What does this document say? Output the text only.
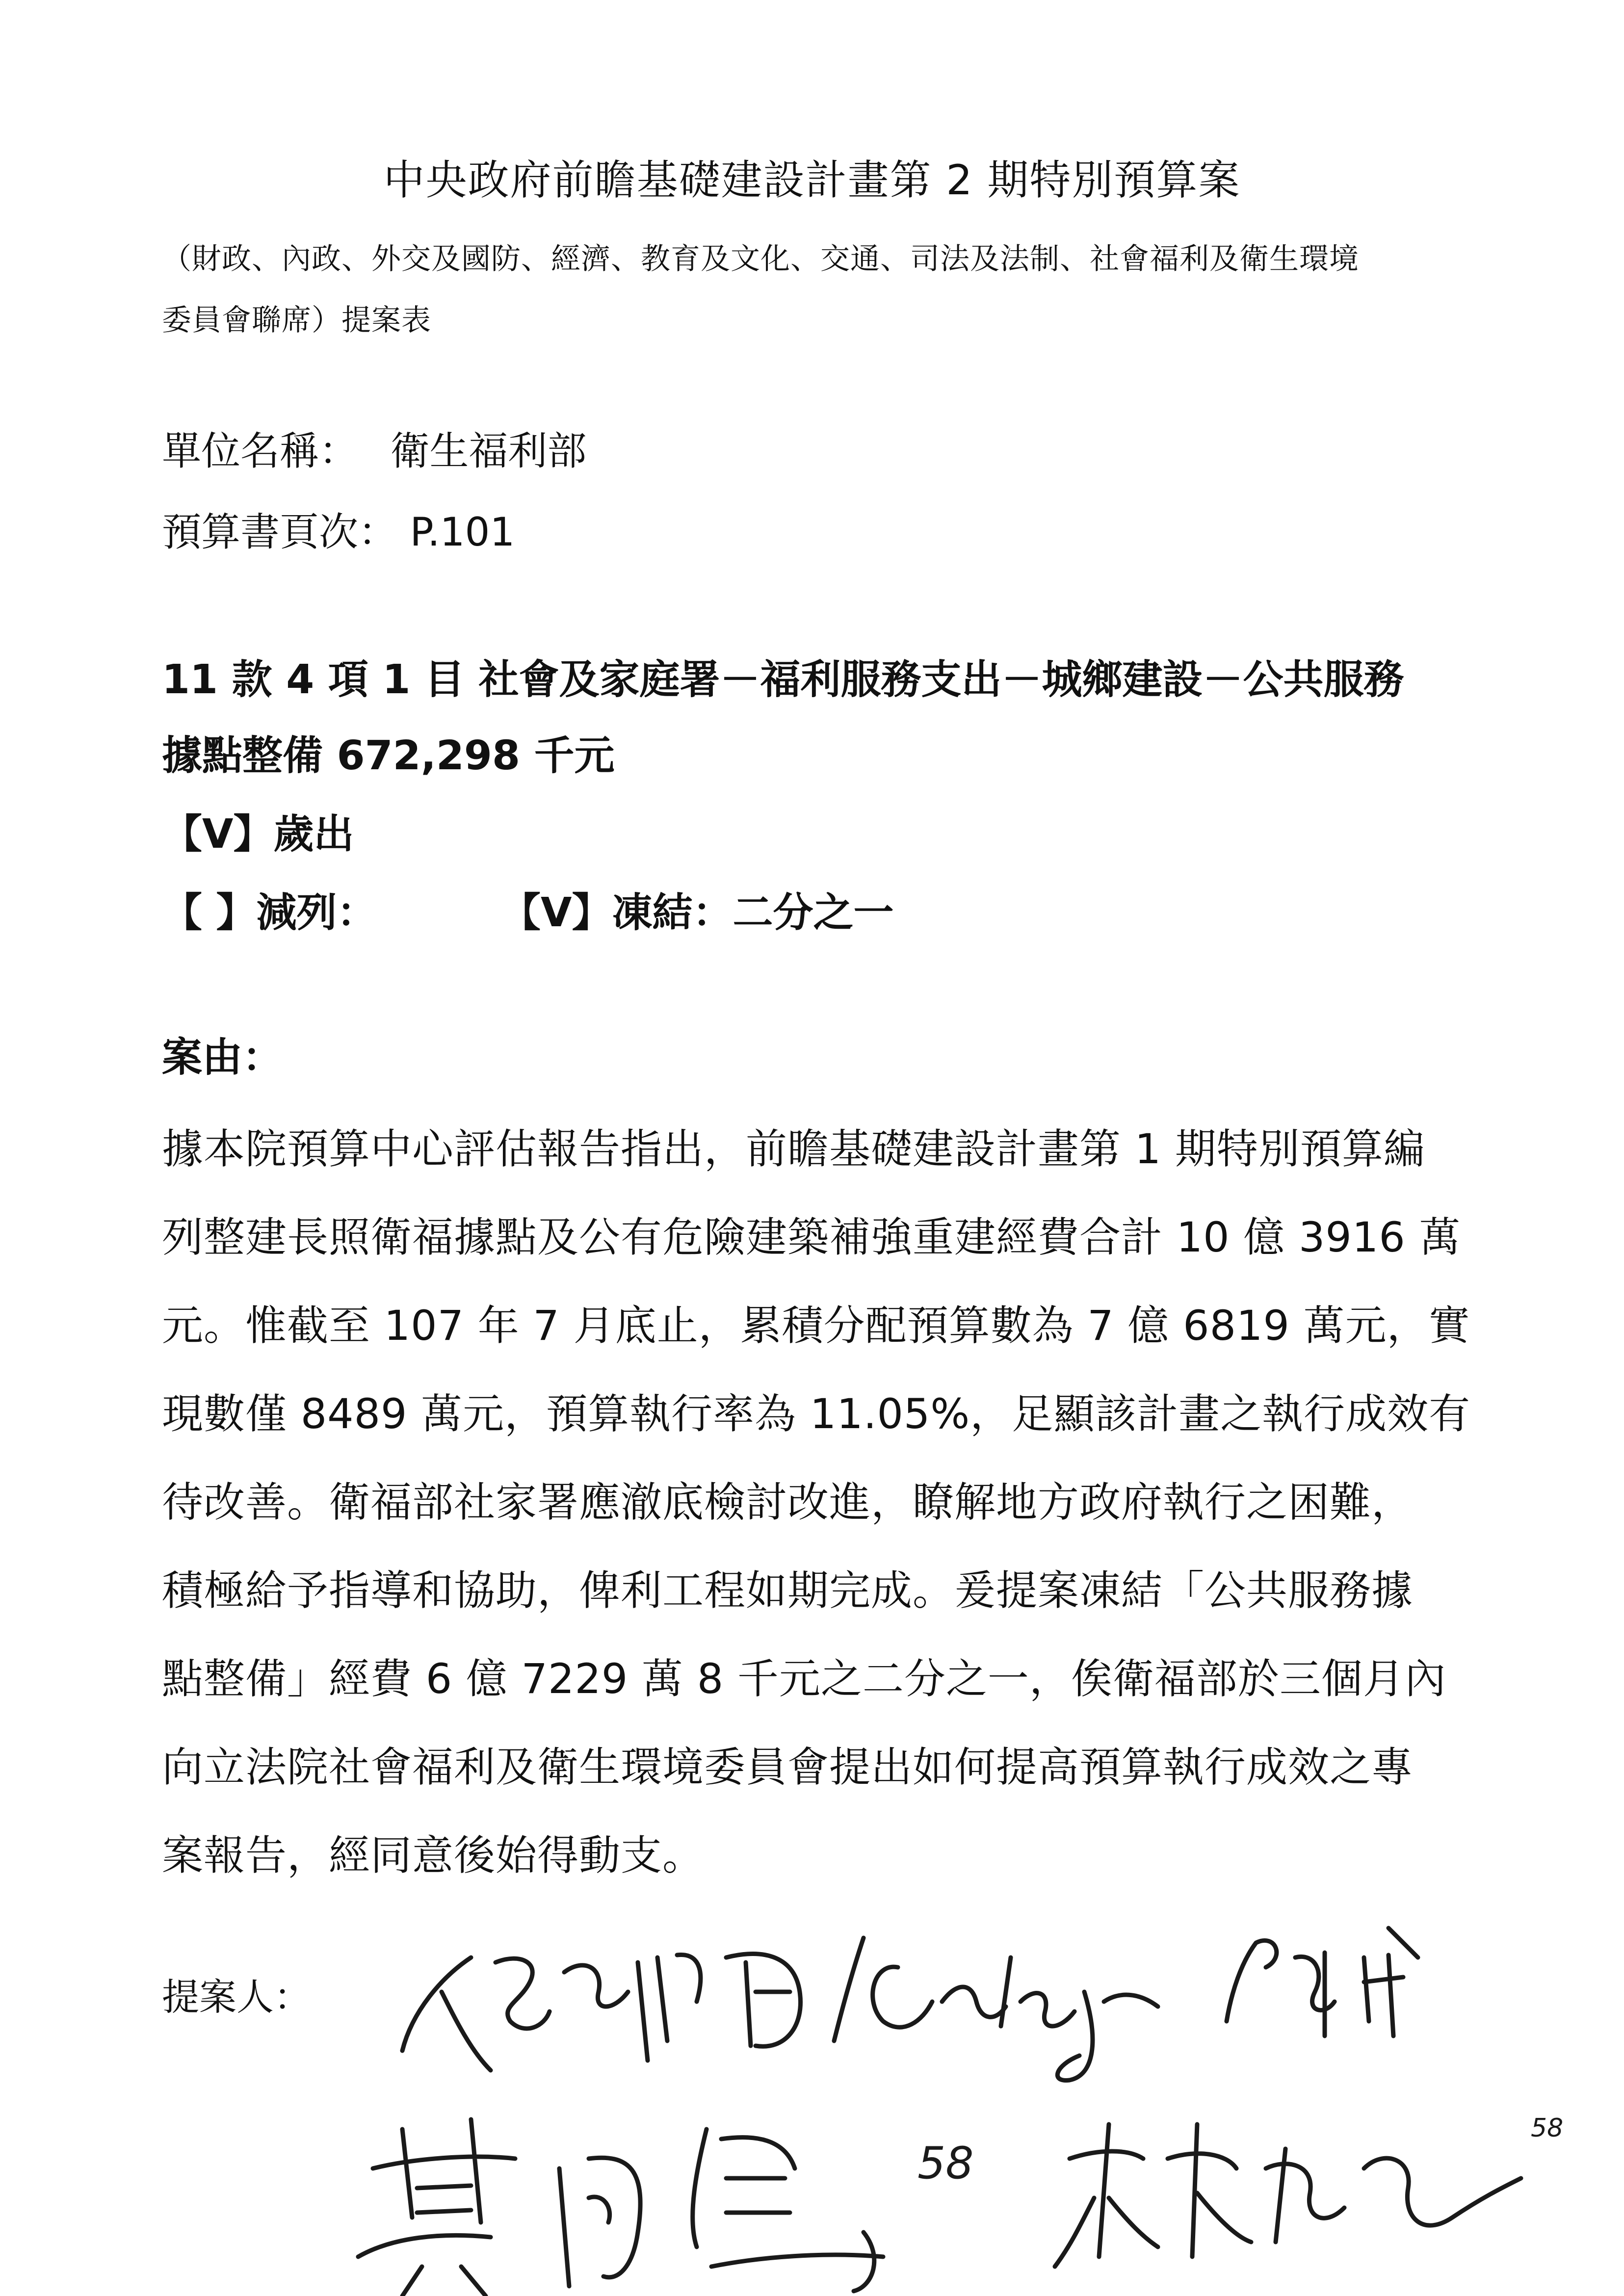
中央政府前瞻基礎建設計畫第 2 期特別預算案
（財政、內政、外交及國防、經濟、教育及文化、交通、司法及法制、社會福利及衛生環境
委員會聯席）提案表
單位名稱： 衛生福利部
預算書頁次： P.101
11 款 4 項 1 目 社會及家庭署－福利服務支出－城鄉建設－公共服務
據點整備 672,298 千元
【V】歲出
【 】減列：	【V】凍結：二分之一
案由：
據本院預算中心評估報告指出，前瞻基礎建設計畫第 1 期特別預算編
列整建長照衛福據點及公有危險建築補強重建經費合計 10 億 3916 萬
元。惟截至 107 年 7 月底止，累積分配預算數為 7 億 6819 萬元，實
現數僅 8489 萬元，預算執行率為 11.05%，足顯該計畫之執行成效有
待改善。衛福部社家署應澈底檢討改進，瞭解地方政府執行之困難，
積極給予指導和協助，俾利工程如期完成。爰提案凍結「公共服務據
點整備」經費 6 億 7229 萬 8 千元之二分之一，俟衛福部於三個月內
向立法院社會福利及衛生環境委員會提出如何提高預算執行成效之專
案報告，經同意後始得動支。
提案人：
58
58
